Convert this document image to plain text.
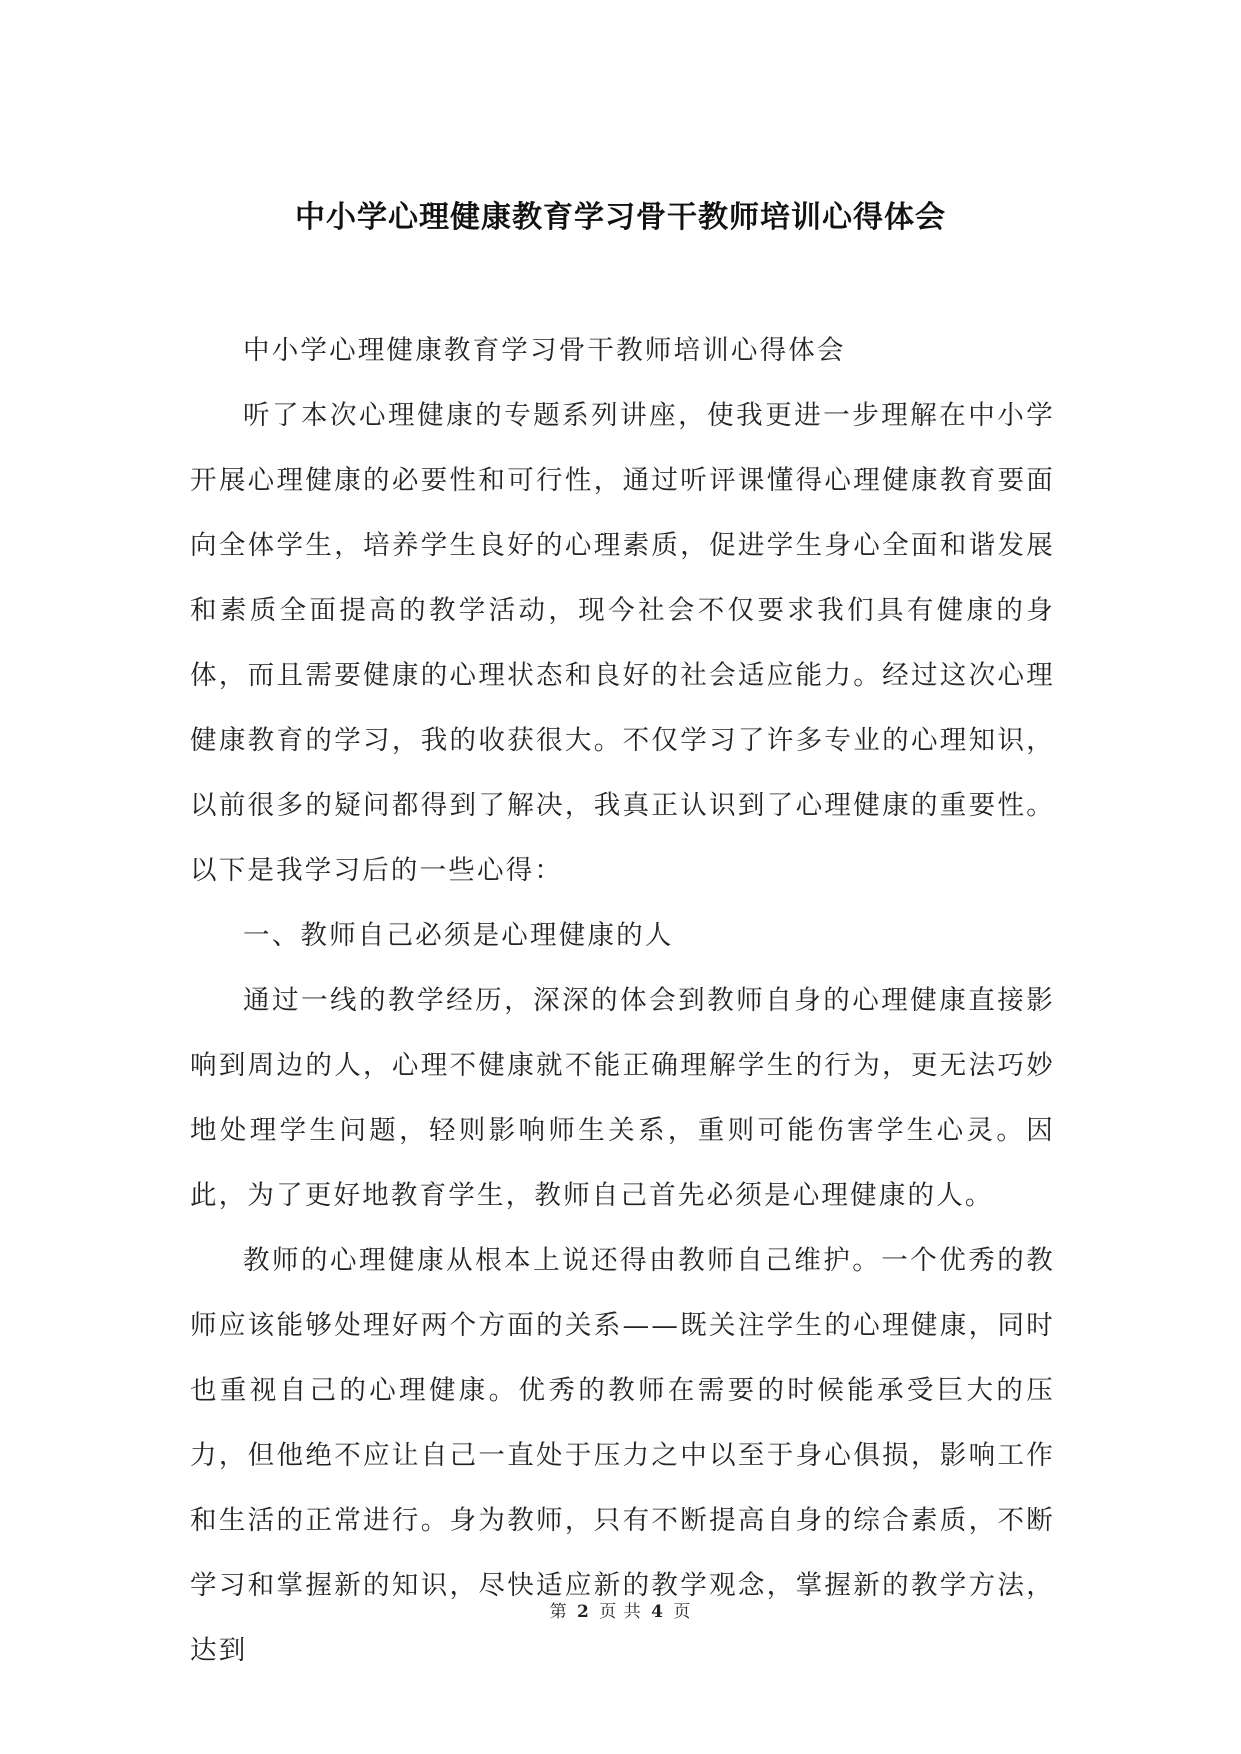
中小学心理健康教育学习骨干教师培训心得体会

中小学心理健康教育学习骨干教师培训心得体会

听了本次心理健康的专题系列讲座，使我更进一步理解在中小学开展心理健康的必要性和可行性，通过听评课懂得心理健康教育要面向全体学生，培养学生良好的心理素质，促进学生身心全面和谐发展和素质全面提高的教学活动，现今社会不仅要求我们具有健康的身体，而且需要健康的心理状态和良好的社会适应能力。经过这次心理健康教育的学习，我的收获很大。不仅学习了许多专业的心理知识，以前很多的疑问都得到了解决，我真正认识到了心理健康的重要性。以下是我学习后的一些心得：

一、教师自己必须是心理健康的人

通过一线的教学经历，深深的体会到教师自身的心理健康直接影响到周边的人，心理不健康就不能正确理解学生的行为，更无法巧妙地处理学生问题，轻则影响师生关系，重则可能伤害学生心灵。因此，为了更好地教育学生，教师自己首先必须是心理健康的人。

教师的心理健康从根本上说还得由教师自己维护。一个优秀的教师应该能够处理好两个方面的关系——既关注学生的心理健康，同时也重视自己的心理健康。优秀的教师在需要的时候能承受巨大的压力，但他绝不应让自己一直处于压力之中以至于身心俱损，影响工作和生活的正常进行。身为教师，只有不断提高自身的综合素质，不断学习和掌握新的知识，尽快适应新的教学观念，掌握新的教学方法，达到

第 2 页 共 4 页
